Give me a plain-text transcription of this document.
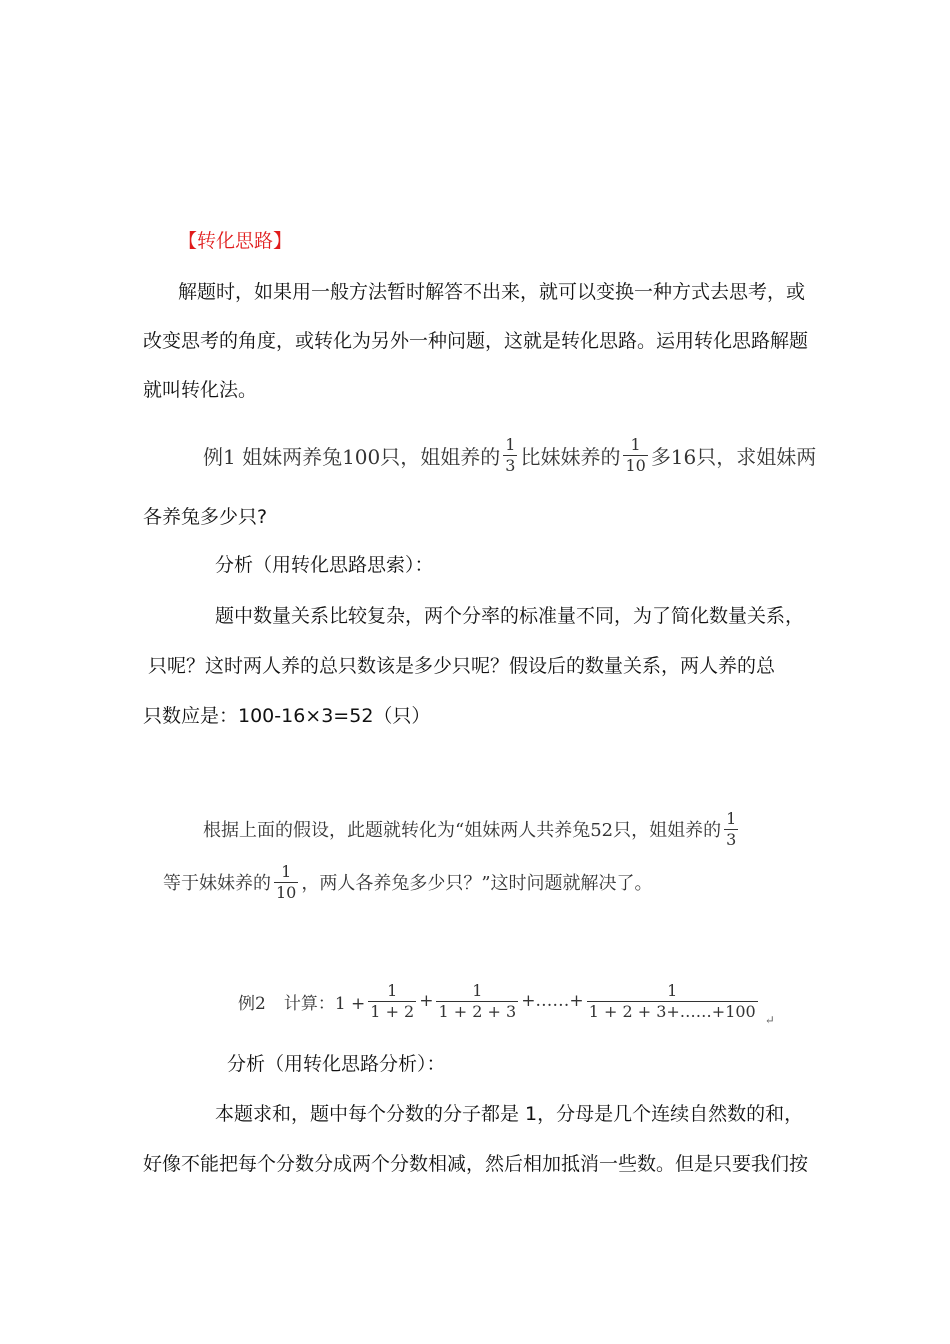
【转化思路】
解题时，如果用一般方法暂时解答不出来，就可以变换一种方式去思考，或
改变思考的角度，或转化为另外一种问题，这就是转化思路。运用转化思路解题
就叫转化法。
例1 姐妹两养兔100只，姐姐养的 $\frac{1}{3}$ 比妹妹养的 $\frac{1}{10}$ 多16只，求姐妹两
各养兔多少只?
分析（用转化思路思索）：
题中数量关系比较复杂，两个分率的标准量不同，为了简化数量关系，
只呢？这时两人养的总只数该是多少只呢？假设后的数量关系，两人养的总
只数应是：100-16×3=52（只）
根据上面的假设，此题就转化为“姐妹两人共养兔52只，姐姐养的 $\frac{1}{3}$
等于妹妹养的 $\frac{1}{10}$ ，两人各养兔多少只？”这时问题就解决了。
例2 计算：$1 + \frac{1}{1 + 2} + \frac{1}{1 + 2 + 3}$ +……+ $\frac{1}{1 + 2 + 3+\dots\dots+100}$
↵
分析（用转化思路分析）：
本题求和，题中每个分数的分子都是 1，分母是几个连续自然数的和，
好像不能把每个分数分成两个分数相减，然后相加抵消一些数。但是只要我们按
